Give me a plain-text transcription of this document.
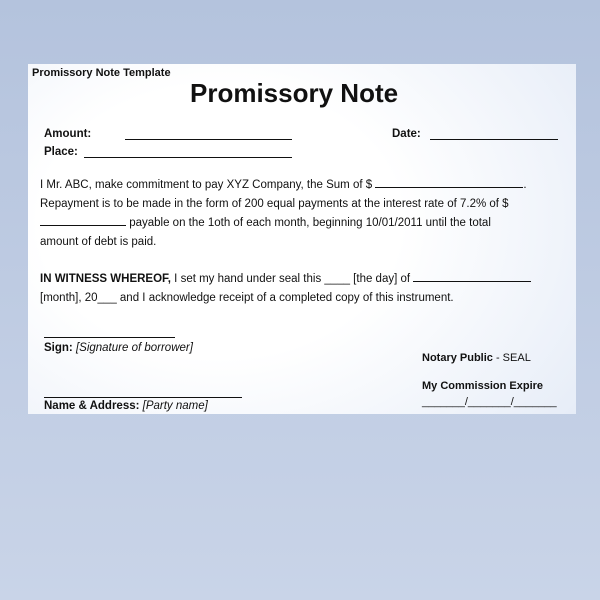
Promissory Note Template
Promissory Note
Amount:	Date:
Place:
I Mr. ABC, make commitment to pay XYZ Company, the Sum of $	.
Repayment is to be made in the form of 200 equal payments at the interest rate of 7.2% of $
payable on the 1oth of each month, beginning 10/01/2011 until the total
amount of debt is paid.
IN WITNESS WHEREOF, I set my hand under seal this ____ [the day] of
[month], 20___ and I acknowledge receipt of a completed copy of this instrument.
Sign: [Signature of borrower]
Name & Address: [Party name]
Notary Public - SEAL
My Commission Expire
_______/_______/_______
